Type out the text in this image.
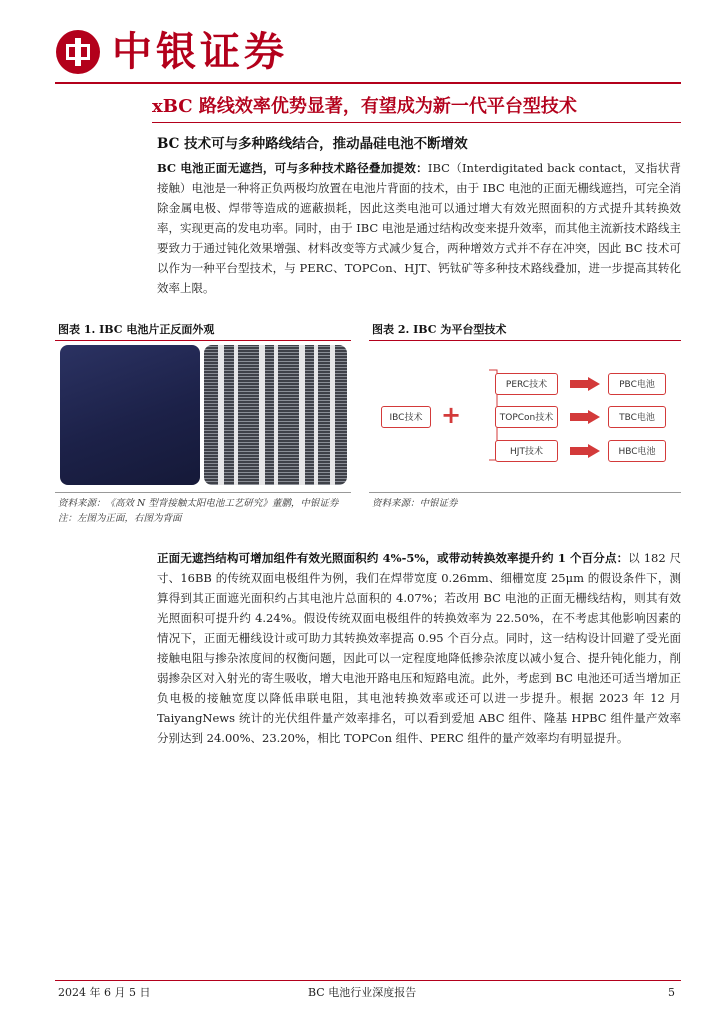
中银证券
xBC 路线效率优势显著，有望成为新一代平台型技术
BC 技术可与多种路线结合，推动晶硅电池不断增效
BC 电池正面无遮挡，可与多种技术路径叠加提效：IBC（Interdigitated back contact，叉指状背接触）电池是一种将正负两极均放置在电池片背面的技术，由于 IBC 电池的正面无栅线遮挡，可完全消除金属电极、焊带等造成的遮蔽损耗，因此这类电池可以通过增大有效光照面积的方式提升其转换效率，实现更高的发电功率。同时，由于 IBC 电池是通过结构改变来提升效率，而其他主流新技术路线主要致力于通过钝化效果增强、材料改变等方式减少复合，两种增效方式并不存在冲突，因此 BC 技术可以作为一种平台型技术，与 PERC、TOPCon、HJT、钙钛矿等多种技术路线叠加，进一步提高其转化效率上限。
图表 1. IBC 电池片正反面外观
资料来源：《高效 N 型背接触太阳电池工艺研究》董鹏，中银证券
注：左图为正面，右图为背面
图表 2. IBC 为平台型技术
IBC技术 +
PERC技术
TOPCon技术
HJT技术
PBC电池
TBC电池
HBC电池
资料来源：中银证券
正面无遮挡结构可增加组件有效光照面积约 4%-5%，或带动转换效率提升约 1 个百分点：以 182 尺寸、16BB 的传统双面电极组件为例，我们在焊带宽度 0.26mm、细栅宽度 25μm 的假设条件下，测算得到其正面遮光面积约占其电池片总面积的 4.07%；若改用 BC 电池的正面无栅线结构，则其有效光照面积可提升约 4.24%。假设传统双面电极组件的转换效率为 22.50%，在不考虑其他影响因素的情况下，正面无栅线设计或可助力其转换效率提高 0.95 个百分点。同时，这一结构设计回避了受光面接触电阻与掺杂浓度间的权衡问题，因此可以一定程度地降低掺杂浓度以减小复合、提升钝化能力，削弱掺杂区对入射光的寄生吸收，增大电池开路电压和短路电流。此外，考虑到 BC 电池还可适当增加正负电极的接触宽度以降低串联电阻，其电池转换效率或还可以进一步提升。根据 2023 年 12 月 TaiyangNews 统计的光伏组件量产效率排名，可以看到爱旭 ABC 组件、隆基 HPBC 组件量产效率分别达到 24.00%、23.20%，相比 TOPCon 组件、PERC 组件的量产效率均有明显提升。
2024 年 6 月 5 日	BC 电池行业深度报告	5
